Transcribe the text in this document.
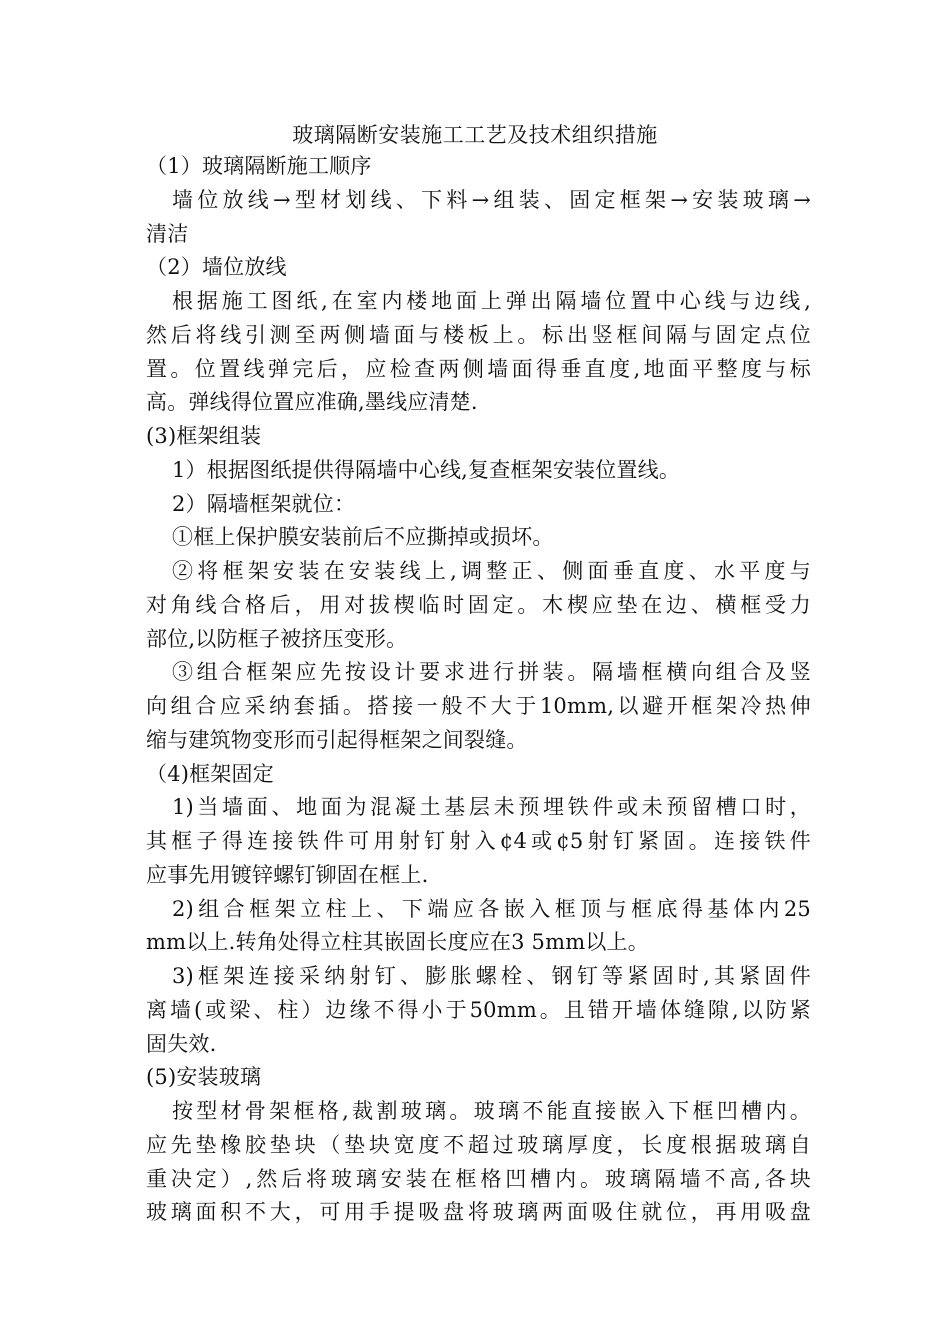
玻璃隔断安装施工工艺及技术组织措施
（1）玻璃隔断施工顺序
墙位放线→型材划线、下料→组装、固定框架→安装玻璃→
清洁
（2）墙位放线
根据施工图纸,在室内楼地面上弹出隔墙位置中心线与边线,
然后将线引测至两侧墙面与楼板上。标出竖框间隔与固定点位
置。位置线弹完后，应检查两侧墙面得垂直度,地面平整度与标
高。弹线得位置应准确,墨线应清楚.
(3)框架组装
1）根据图纸提供得隔墙中心线,复查框架安装位置线。
2）隔墙框架就位：
①框上保护膜安装前后不应撕掉或损坏。
②将框架安装在安装线上,调整正、侧面垂直度、水平度与
对角线合格后，用对拔楔临时固定。木楔应垫在边、横框受力
部位,以防框子被挤压变形。
③组合框架应先按设计要求进行拼装。隔墙框横向组合及竖
向组合应采纳套插。搭接一般不大于10mm,以避开框架冷热伸
缩与建筑物变形而引起得框架之间裂缝。
（4)框架固定
1)当墙面、地面为混凝土基层未预埋铁件或未预留槽口时，
其框子得连接铁件可用射钉射入¢4或¢5射钉紧固。连接铁件
应事先用镀锌螺钉铆固在框上.
2)组合框架立柱上、下端应各嵌入框顶与框底得基体内25
mm以上.转角处得立柱其嵌固长度应在3 5mm以上。
3)框架连接采纳射钉、膨胀螺栓、钢钉等紧固时,其紧固件
离墙(或梁、柱）边缘不得小于50mm。且错开墙体缝隙,以防紧
固失效.
(5)安装玻璃
按型材骨架框格,裁割玻璃。玻璃不能直接嵌入下框凹槽内。
应先垫橡胶垫块（垫块宽度不超过玻璃厚度，长度根据玻璃自
重决定）,然后将玻璃安装在框格凹槽内。玻璃隔墙不高,各块
玻璃面积不大，可用手提吸盘将玻璃两面吸住就位，再用吸盘
